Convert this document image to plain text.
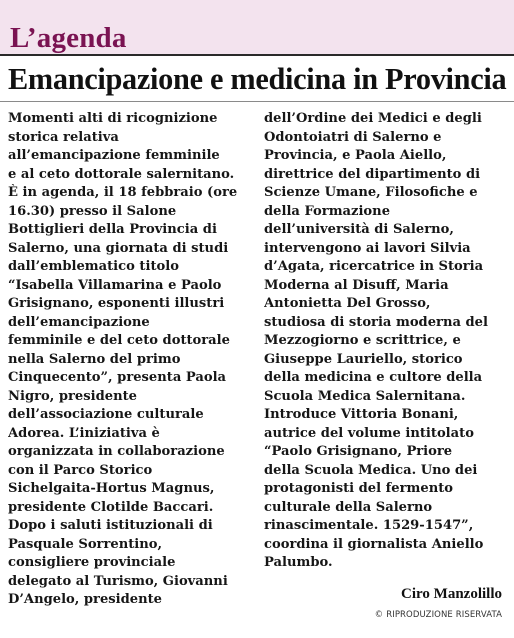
L’agenda
Emancipazione e medicina in Provincia
Momenti alti di ricognizione
storica relativa
all’emancipazione femminile
e al ceto dottorale salernitano.
È in agenda, il 18 febbraio (ore
16.30) presso il Salone
Bottiglieri della Provincia di
Salerno, una giornata di studi
dall’emblematico titolo
“Isabella Villamarina e Paolo
Grisignano, esponenti illustri
dell’emancipazione
femminile e del ceto dottorale
nella Salerno del primo
Cinquecento”, presenta Paola
Nigro, presidente
dell’associazione culturale
Adorea. L’iniziativa è
organizzata in collaborazione
con il Parco Storico
Sichelgaita-Hortus Magnus,
presidente Clotilde Baccari.
Dopo i saluti istituzionali di
Pasquale Sorrentino,
consigliere provinciale
delegato al Turismo, Giovanni
D’Angelo, presidente
dell’Ordine dei Medici e degli
Odontoiatri di Salerno e
Provincia, e Paola Aiello,
direttrice del dipartimento di
Scienze Umane, Filosofiche e
della Formazione
dell’università di Salerno,
intervengono ai lavori Silvia
d’Agata, ricercatrice in Storia
Moderna al Disuff, Maria
Antonietta Del Grosso,
studiosa di storia moderna del
Mezzogiorno e scrittrice, e
Giuseppe Lauriello, storico
della medicina e cultore della
Scuola Medica Salernitana.
Introduce Vittoria Bonani,
autrice del volume intitolato
“Paolo Grisignano, Priore
della Scuola Medica. Uno dei
protagonisti del fermento
culturale della Salerno
rinascimentale. 1529-1547”,
coordina il giornalista Aniello
Palumbo.
Ciro Manzolillo
© RIPRODUZIONE RISERVATA
